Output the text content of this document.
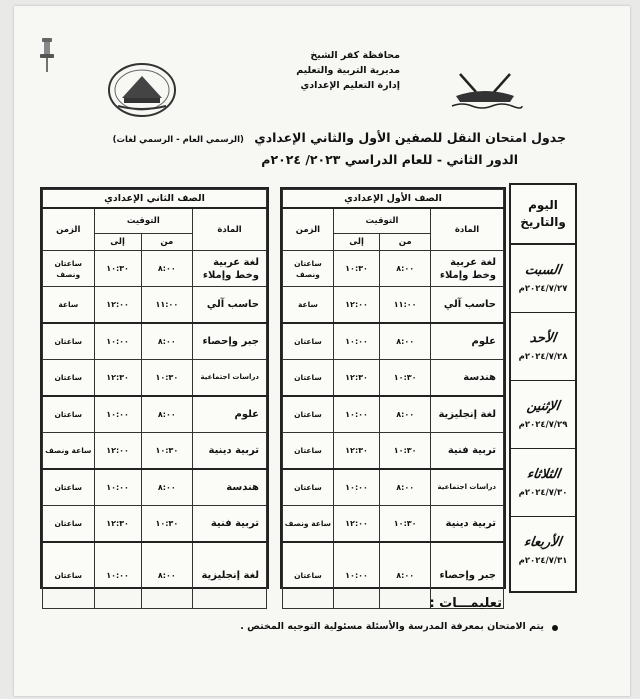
محافظة كفر الشيخ
مديرية التربية والتعليم
إدارة التعليم الإعدادي
جدول امتحان النقل للصفين الأول والثاني الإعدادي (الرسمي العام - الرسمي لغات)
الدور الثاني - للعام الدراسي ٢٠٢٣/ ٢٠٢٤م
اليوم
والتاريخ
السبت
٢٠٢٤/٧/٢٧م
الأحد
٢٠٢٤/٧/٢٨م
الإثنين
٢٠٢٤/٧/٢٩م
الثلاثاء
٢٠٢٤/٧/٣٠م
الأربعاء
٢٠٢٤/٧/٣١م
الصف الأول الإعدادي			
المادة	التوقيت		الزمن
	من	إلى	
لغة عربية وخط وإملاء	٨:٠٠	١٠:٣٠	ساعتان ونصف
حاسب آلي	١١:٠٠	١٢:٠٠	ساعة
علوم	٨:٠٠	١٠:٠٠	ساعتان
هندسة	١٠:٣٠	١٢:٣٠	ساعتان
لغة إنجليزية	٨:٠٠	١٠:٠٠	ساعتان
تربية فنية	١٠:٣٠	١٢:٣٠	ساعتان
دراسات اجتماعية	٨:٠٠	١٠:٠٠	ساعتان
تربية دينية	١٠:٣٠	١٢:٠٠	ساعة ونصف
جبر وإحصاء	٨:٠٠	١٠:٠٠	ساعتان
الصف الثاني الإعدادي			
المادة	التوقيت		الزمن
	من	إلى	
لغة عربية وخط وإملاء	٨:٠٠	١٠:٣٠	ساعتان ونصف
حاسب آلي	١١:٠٠	١٢:٠٠	ساعة
جبر وإحصاء	٨:٠٠	١٠:٠٠	ساعتان
دراسات اجتماعية	١٠:٣٠	١٢:٣٠	ساعتان
علوم	٨:٠٠	١٠:٠٠	ساعتان
تربية دينية	١٠:٣٠	١٢:٠٠	ساعة ونصف
هندسة	٨:٠٠	١٠:٠٠	ساعتان
تربية فنية	١٠:٣٠	١٢:٣٠	ساعتان
لغة إنجليزية	٨:٠٠	١٠:٠٠	ساعتان
تعليمـــات :
يتم الامتحان بمعرفة المدرسة والأسئلة مسئولية التوجيه المختص .
